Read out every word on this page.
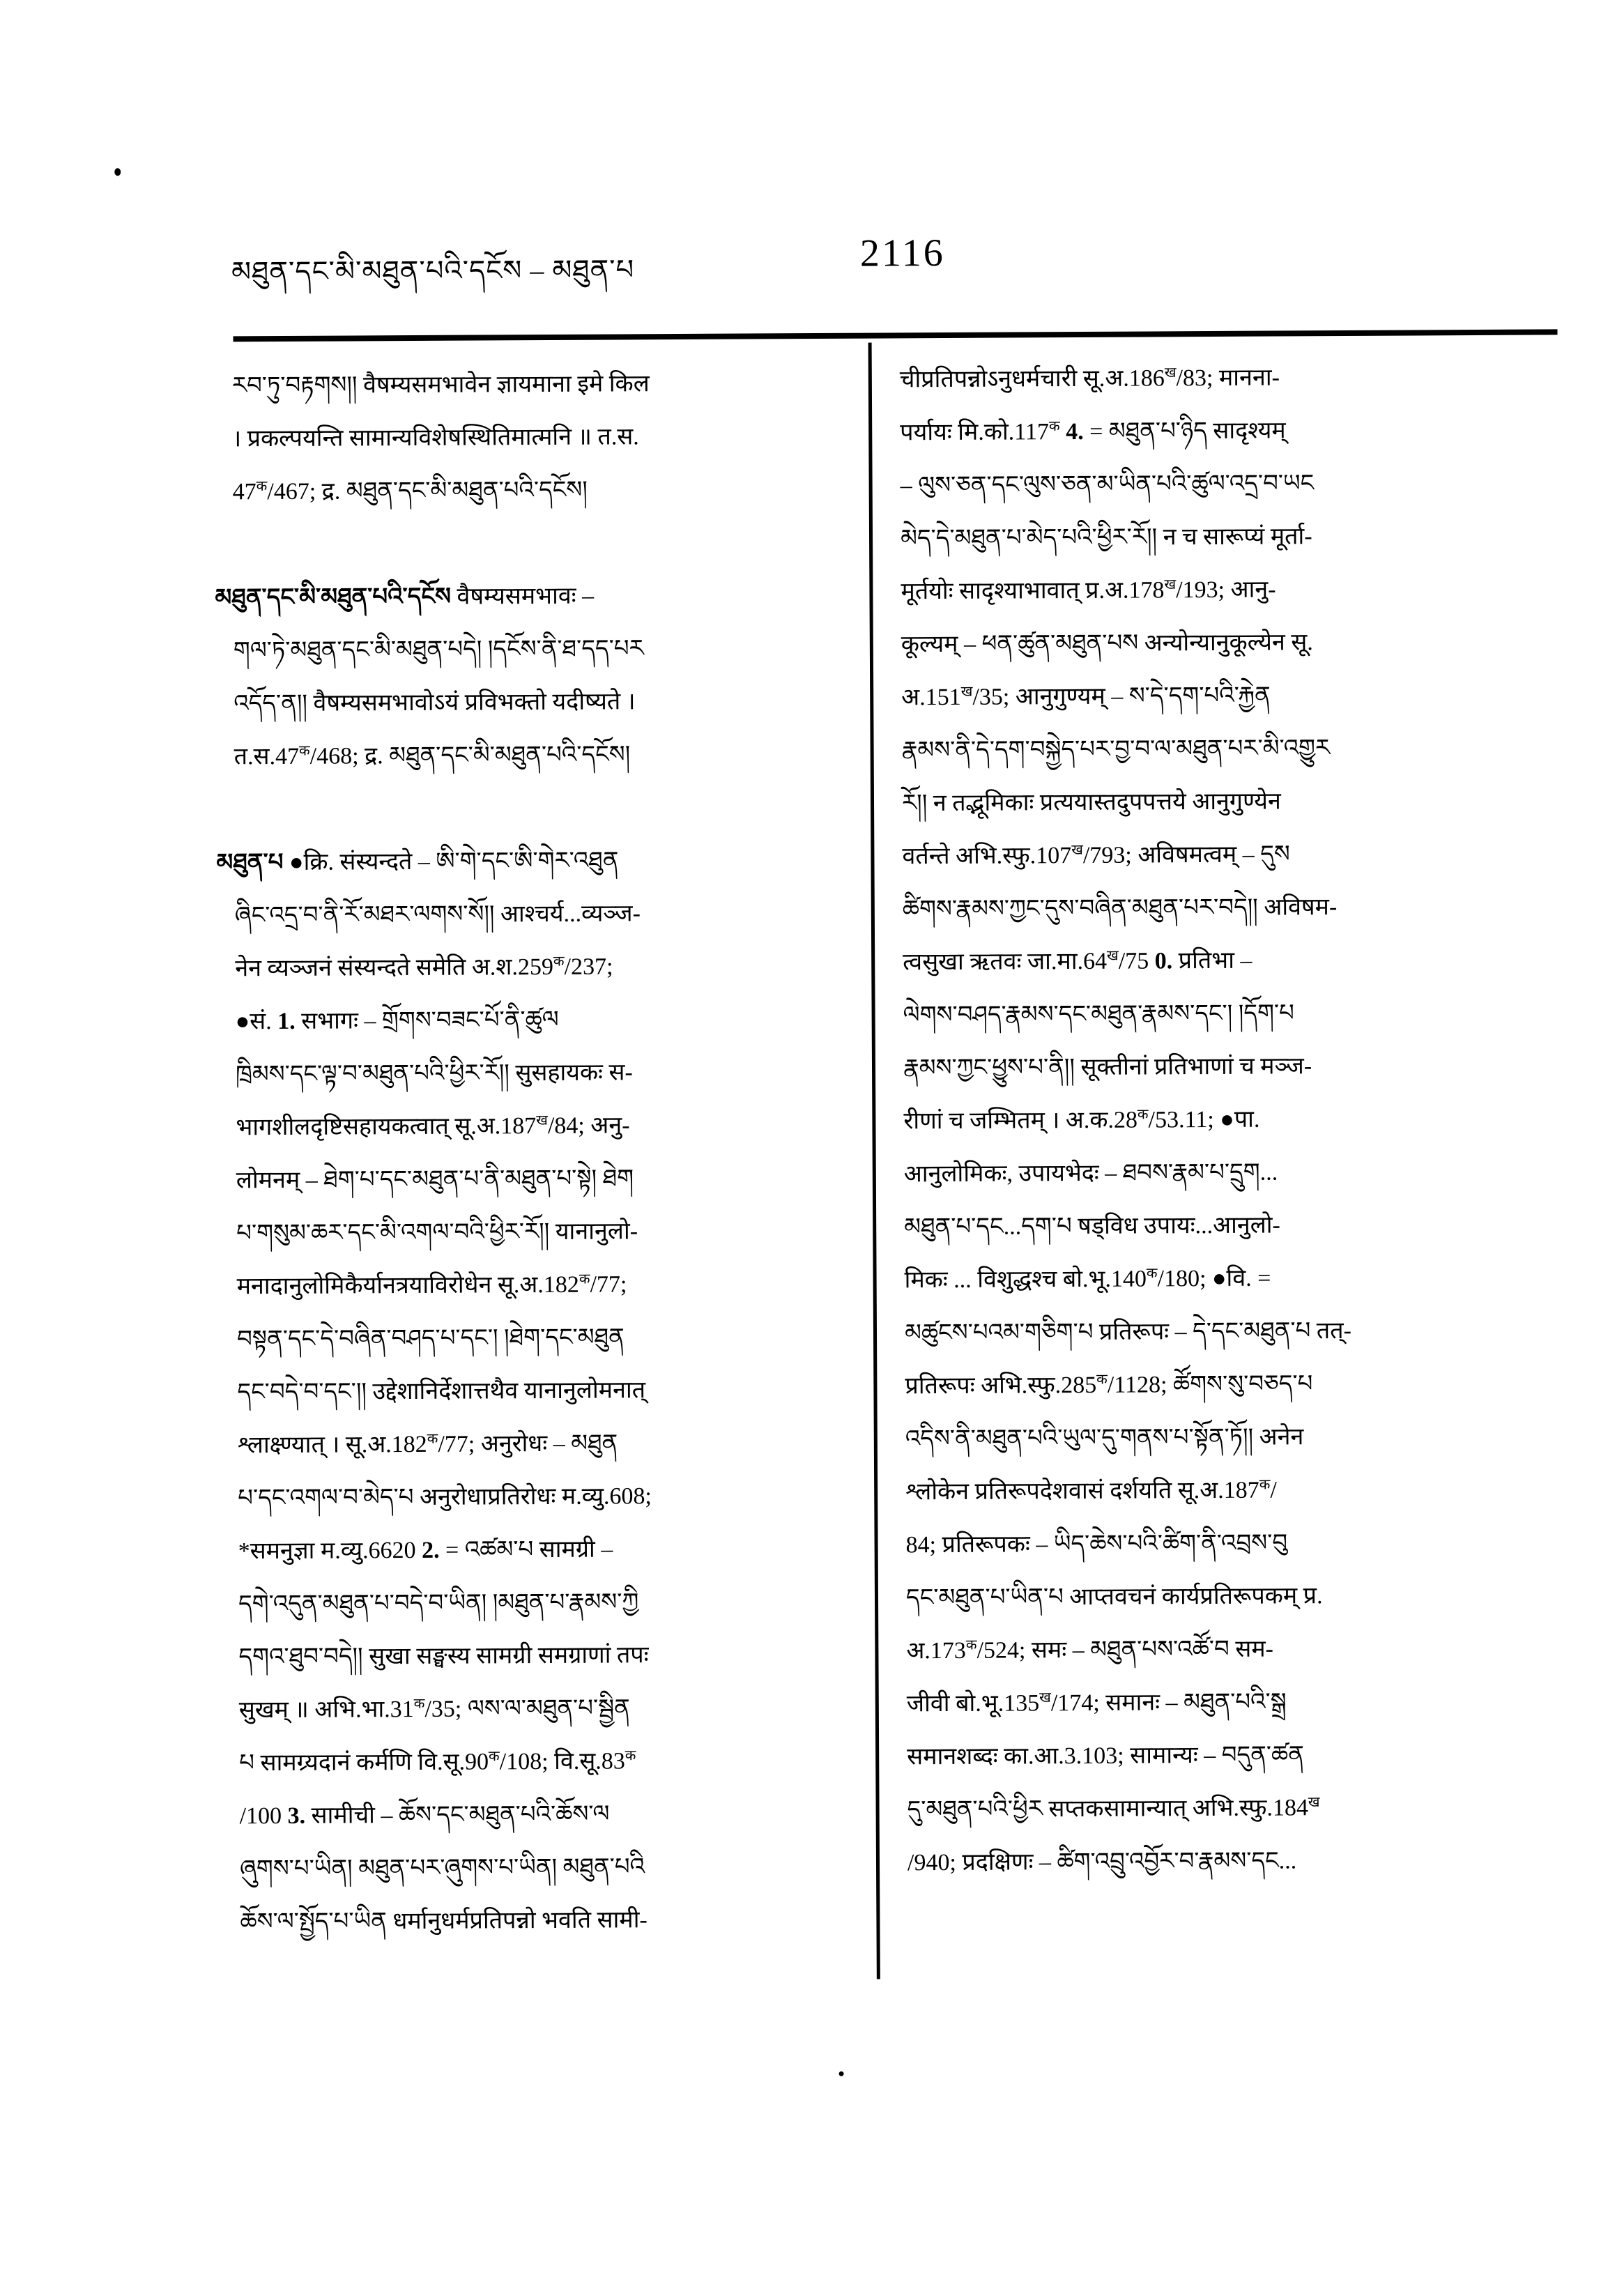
མཐུན་དང་མི་མཐུན་པའི་དངོས – མཐུན་པ	2116
རབ་ཏུ་བརྟགས།། वैषम्यसमभावेन ज्ञायमाना इमे किल
। प्रकल्पयन्ति सामान्यविशेषस्थितिमात्मनि ॥ त.स.
$47^क/467$; द्र. མཐུན་དང་མི་མཐུན་པའི་དངོས།
མཐུན་དང་མི་མཐུན་པའི་དངོས वैषम्यसमभावः –
གལ་ཏེ་མཐུན་དང་མི་མཐུན་པདེ། །དངོས་ནི་ཐ་དད་པར
འདོད་ན།། वैषम्यसमभावोऽयं प्रविभक्तो यदीष्यते ।
$त.स.47^क/468$; द्र. མཐུན་དང་མི་མཐུན་པའི་དངོས།
མཐུན་པ ●क्रि. संस्यन्दते – ཨི་གེ་དང་ཨི་གེར་འཐུན
ཞིང་འདྲ་བ་ནི་རོ་མཐར་ལགས་སོ།། आश्चर्य...व्यञ्ज-
नेन व्यञ्जनं संस्यन्दते समेति $अ.श.259^क/237$;
●सं. 1. सभागः – གྲོགས་བཟང་པོ་ནི་ཚུལ
ཁྲིམས་དང་ལྟ་བ་མཐུན་པའི་ཕྱིར་རོ།། सुसहायकः स-
भागशीलदृष्टिसहायकत्वात् $सू.अ.187^ख/84$; अनु-
लोमनम् – ཐེག་པ་དང་མཐུན་པ་ནི་མཐུན་པ་སྟེ། ཐེག
པ་གསུམ་ཆར་དང་མི་འགལ་བའི་ཕྱིར་རོ།། यानानुलो-
मनादानुलोमिकैर्यानत्रयाविरोधेन $सू.अ.182^क/77$;
བསྟན་དང་དེ་བཞིན་བཤད་པ་དང་། །ཐེག་དང་མཐུན
དང་བདེ་བ་དང་།། उद्देशानिर्देशात्तथैव यानानुलोमनात्
श्लाक्ष्ण्यात् । $सू.अ.182^क/77$; अनुरोधः – མཐུན
པ་དང་འགལ་བ་མེད་པ अनुरोधाप्रतिरोधः म.व्यु.608;
*समनुज्ञा म.व्यु.6620 2. = འཚམ་པ सामग्री –
དགེ་འདུན་མཐུན་པ་བདེ་བ་ཡིན། །མཐུན་པ་རྣམས་ཀྱི
དགའ་ཐུབ་བདེ།། सुखा सङ्घस्य सामग्री समग्राणां तपः
सुखम् ॥ $अभि.भा.31^क/35$; ལས་ལ་མཐུན་པ་སྦྱིན
པ सामग्र्यदानं कर्मणि $वि.सू.90^क/108$; $वि.सू.83^क$
/100 3. सामीची – ཆོས་དང་མཐུན་པའི་ཆོས་ལ
ཞུགས་པ་ཡིན། མཐུན་པར་ཞུགས་པ་ཡིན། མཐུན་པའི
ཆོས་ལ་སྤྱོད་པ་ཡིན धर्मानुधर्मप्रतिपन्नो भवति सामी-
चीप्रतिपन्नोऽनुधर्मचारी $सू.अ.186^ख/83$; मानना-
पर्यायः $मि.को.117^क$ 4. = མཐུན་པ་ཉིད सादृश्यम्
– ལུས་ཅན་དང་ལུས་ཅན་མ་ཡིན་པའི་ཚུལ་འདྲ་བ་ཡང
མེད་དེ་མཐུན་པ་མེད་པའི་ཕྱིར་རོ།། न च सारूप्यं मूर्ता-
मूर्तयोः सादृश्याभावात् $प्र.अ.178^ख/193$; आनु-
कूल्यम् – ཕན་ཚུན་མཐུན་པས अन्योन्यानुकूल्येन सू.
$अ.151^ख/35$; आनुगुण्यम् – ས་དེ་དག་པའི་རྐྱེན
རྣམས་ནི་དེ་དག་བསྐྱེད་པར་བྱ་བ་ལ་མཐུན་པར་མི་འགྱུར
རོ།། न तद्भूमिकाः प्रत्ययास्तदुपपत्तये आनुगुण्येन
वर्तन्ते $अभि.स्फु.107^ख/793$; अविषमत्वम् – དུས
ཚིགས་རྣམས་ཀྱང་དུས་བཞིན་མཐུན་པར་བདེ།། अविषम-
त्वसुखा ऋतवः $जा.मा.64^ख/75$ 0. प्रतिभा –
ལེགས་བཤད་རྣམས་དང་མཐུན་རྣམས་དང་། །དོག་པ
རྣམས་ཀྱང་ཕྱུས་པ་ནི།། सूक्तीनां प्रतिभाणां च मञ्ज-
रीणां च जम्भितम् । $अ.क.28^क/53.11$; ●पा.
आनुलोमिकः, उपायभेदः – ཐབས་རྣམ་པ་དྲུག...
མཐུན་པ་དང...དག་པ षड्विध उपायः...आनुलो-
मिकः ... विशुद्धश्च $बो.भू.140^क/180$; ●वि. =
མཚུངས་པའམ་གཅིག་པ प्रतिरूपः – དེ་དང་མཐུན་པ तत्-
प्रतिरूपः $अभि.स्फु.285^क/1128$; ཚོགས་སུ་བཅད་པ
འདིས་ནི་མཐུན་པའི་ཡུལ་དུ་གནས་པ་སྟོན་ཏོ།། अनेन
श्लोकेन प्रतिरूपदेशवासं दर्शयति $सू.अ.187^क/$
84; प्रतिरूपकः – ཡིད་ཆེས་པའི་ཚིག་ནི་འབྲས་བུ
དང་མཐུན་པ་ཡིན་པ आप्तवचनं कार्यप्रतिरूपकम् प्र.
$अ.173^क/524$; समः – མཐུན་པས་འཚོ་བ सम-
जीवी $बो.भू.135^ख/174$; समानः – མཐུན་པའི་སྒྲ
समानशब्दः का.आ.3.103; सामान्यः – བདུན་ཚན
དུ་མཐུན་པའི་ཕྱིར सप्तकसामान्यात् $अभि.स्फु.184^ख$
/940; प्रदक्षिणः – ཚིག་འབྲུ་འབྱོར་བ་རྣམས་དང...
